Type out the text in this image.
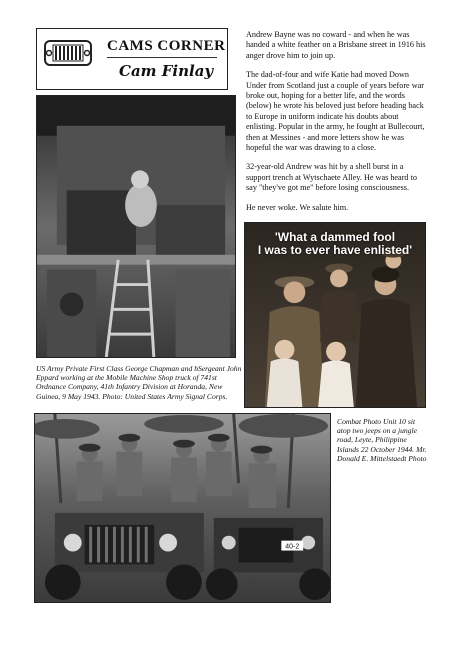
CAMS CORNER
Cam Finlay

Andrew Bayne was no coward - and when he was handed a white feather on a Brisbane street in 1916 his anger drove him to join up.

The dad-of-four and wife Katie had moved Down Under from Scotland just a couple of years before war broke out, hoping for a better life, and the words (below) he wrote his beloved just before heading back to Europe in uniform indicate his doubts about enlisting. Popular in the army, he fought at Bullecourt, then at Messines - and more letters show he was hopeful the war was drawing to a close.

32-year-old Andrew was hit by a shell burst in a support trench at Wytschaete Alley. He was heard to say "they've got me" before losing consciousness.

He never woke. We salute him.

US Army Private First Class George Chapman and bSergeant John Eppard working at the Mobile Machine Shop truck of 741st Ordnance Company, 41th Infantry Division at Horanda, New Guinea, 9 May 1943. Photo: United States Army Signal Corps.
'What a dammed fool
I was to ever have enlisted'
40-2
Combat Photo Unit 10 sit atop two jeeps on a jungle road, Leyte, Philippine Islands 22 October 1944. Mr. Donald E. Mittelstaedt Photo
